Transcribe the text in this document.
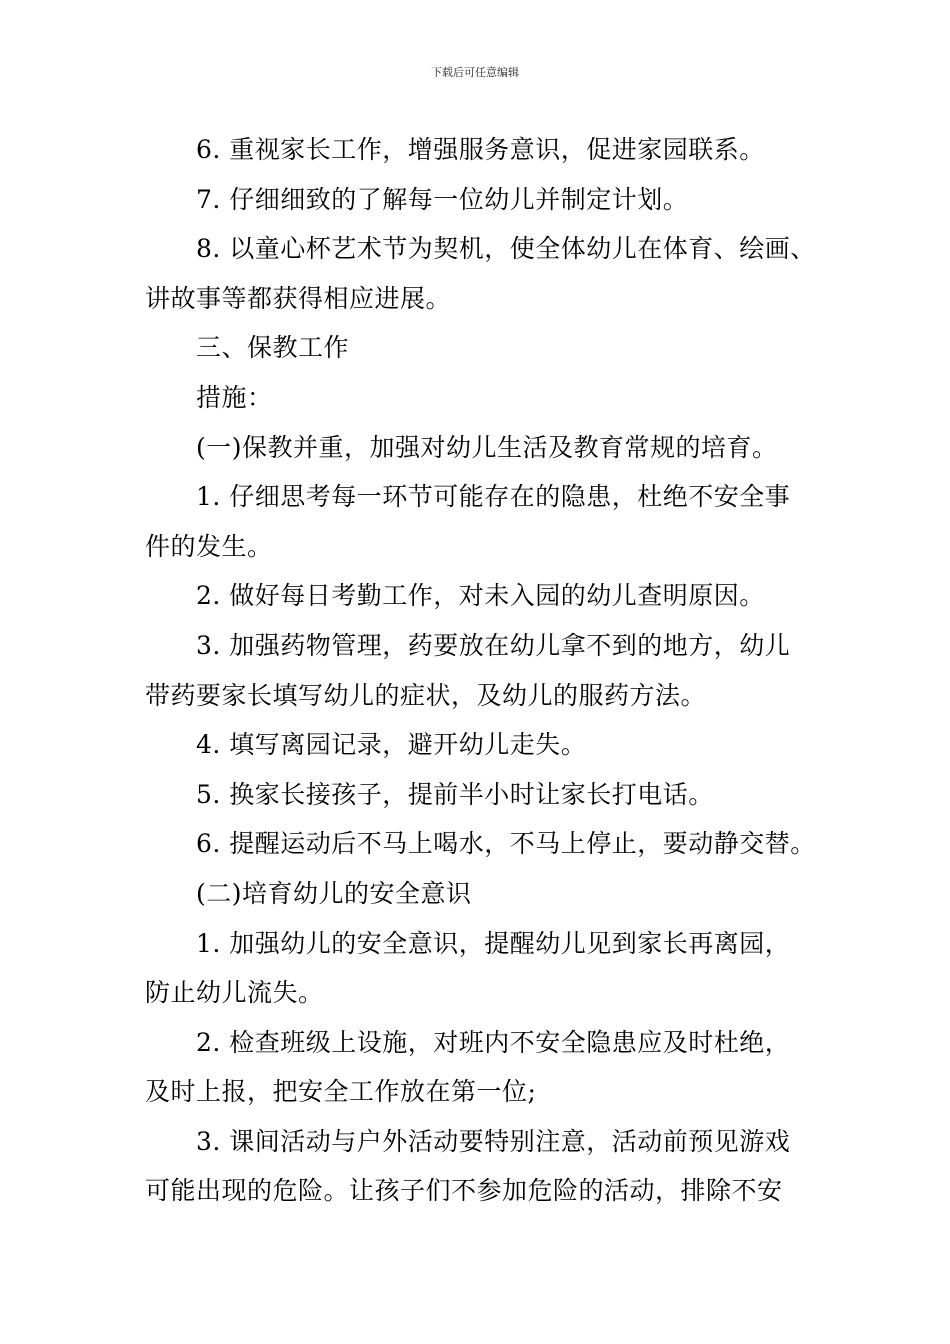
下载后可任意编辑

6. 重视家长工作，增强服务意识，促进家园联系。

7. 仔细细致的了解每一位幼儿并制定计划。

8. 以童心杯艺术节为契机，使全体幼儿在体育、绘画、

讲故事等都获得相应进展。

三、保教工作

措施：

(一)保教并重，加强对幼儿生活及教育常规的培育。

1. 仔细思考每一环节可能存在的隐患，杜绝不安全事

件的发生。

2. 做好每日考勤工作，对未入园的幼儿查明原因。

3. 加强药物管理，药要放在幼儿拿不到的地方，幼儿

带药要家长填写幼儿的症状，及幼儿的服药方法。

4. 填写离园记录，避开幼儿走失。

5. 换家长接孩子，提前半小时让家长打电话。

6. 提醒运动后不马上喝水，不马上停止，要动静交替。

(二)培育幼儿的安全意识

1. 加强幼儿的安全意识，提醒幼儿见到家长再离园，

防止幼儿流失。

2. 检查班级上设施，对班内不安全隐患应及时杜绝，

及时上报，把安全工作放在第一位;

3. 课间活动与户外活动要特别注意，活动前预见游戏

可能出现的危险。让孩子们不参加危险的活动，排除不安
